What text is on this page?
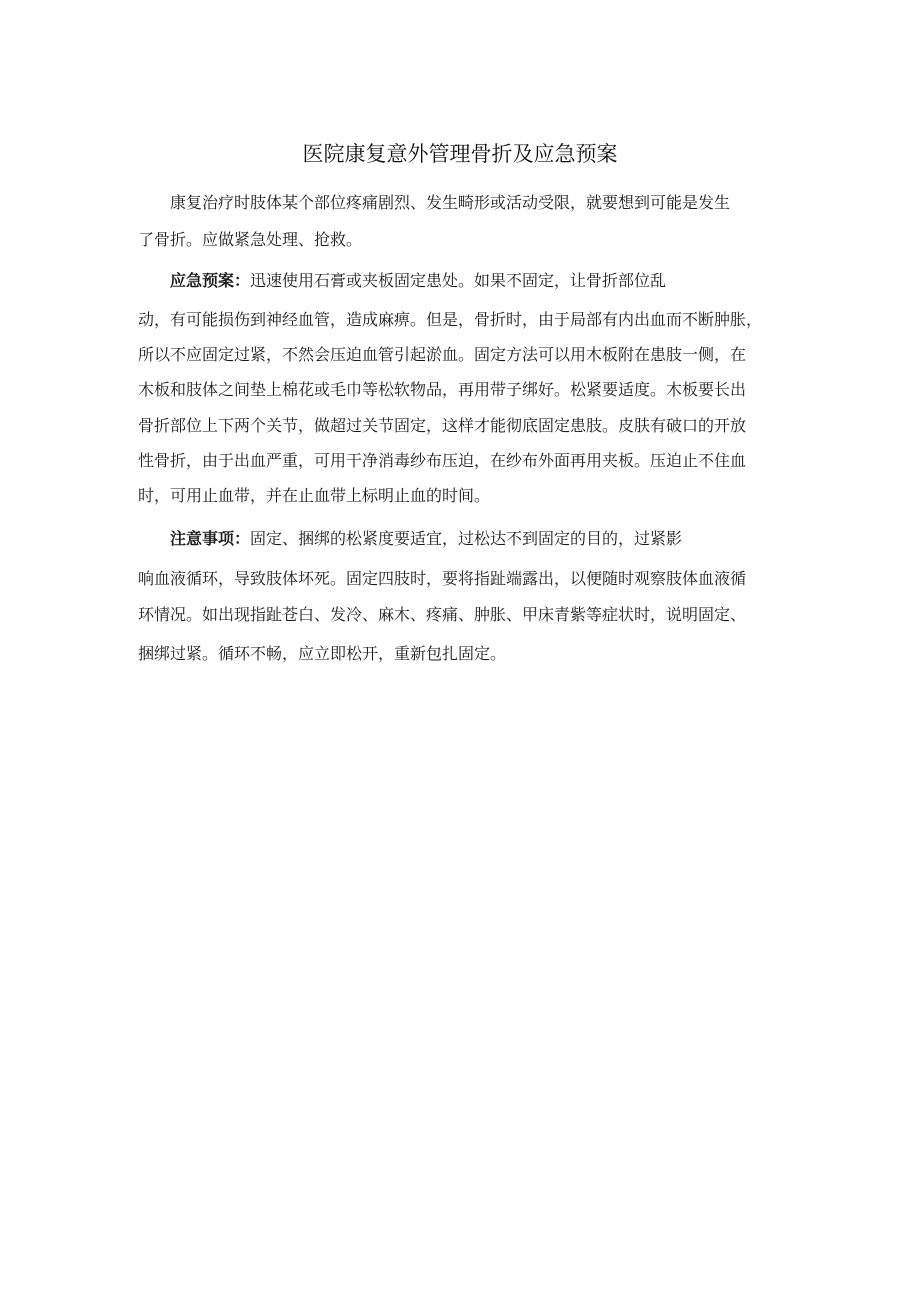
医院康复意外管理骨折及应急预案
康复治疗时肢体某个部位疼痛剧烈、发生畸形或活动受限，就要想到可能是发生
了骨折。应做紧急处理、抢救。
应急预案：迅速使用石膏或夹板固定患处。如果不固定，让骨折部位乱
动，有可能损伤到神经血管，造成麻痹。但是，骨折时，由于局部有内出血而不断肿胀，
所以不应固定过紧，不然会压迫血管引起淤血。固定方法可以用木板附在患肢一侧，在
木板和肢体之间垫上棉花或毛巾等松软物品，再用带子绑好。松紧要适度。木板要长出
骨折部位上下两个关节，做超过关节固定，这样才能彻底固定患肢。皮肤有破口的开放
性骨折，由于出血严重，可用干净消毒纱布压迫，在纱布外面再用夹板。压迫止不住血
时，可用止血带，并在止血带上标明止血的时间。
注意事项：固定、捆绑的松紧度要适宜，过松达不到固定的目的，过紧影
响血液循环，导致肢体坏死。固定四肢时，要将指趾端露出，以便随时观察肢体血液循
环情况。如出现指趾苍白、发冷、麻木、疼痛、肿胀、甲床青紫等症状时，说明固定、
捆绑过紧。循环不畅，应立即松开，重新包扎固定。
